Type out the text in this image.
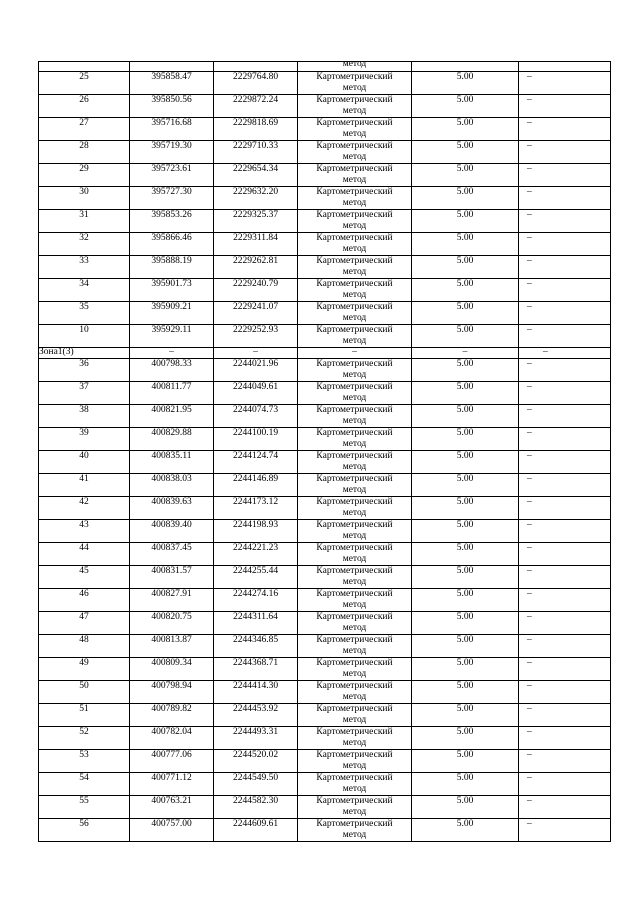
			метод		

25	395858.47	2229764.80	Картометрический
метод	5.00	–
26	395850.56	2229872.24	Картометрический
метод	5.00	–
27	395716.68	2229818.69	Картометрический
метод	5.00	–
28	395719.30	2229710.33	Картометрический
метод	5.00	–
29	395723.61	2229654.34	Картометрический
метод	5.00	–
30	395727.30	2229632.20	Картометрический
метод	5.00	–
31	395853.26	2229325.37	Картометрический
метод	5.00	–
32	395866.46	2229311.84	Картометрический
метод	5.00	–
33	395888.19	2229262.81	Картометрический
метод	5.00	–
34	395901.73	2229240.79	Картометрический
метод	5.00	–
35	395909.21	2229241.07	Картометрический
метод	5.00	–
10	395929.11	2229252.93	Картометрический
метод	5.00	–
Зона1(3)	–	–	–	–	–
36	400798.33	2244021.96	Картометрический
метод	5.00	–
37	400811.77	2244049.61	Картометрический
метод	5.00	–
38	400821.95	2244074.73	Картометрический
метод	5.00	–
39	400829.88	2244100.19	Картометрический
метод	5.00	–
40	400835.11	2244124.74	Картометрический
метод	5.00	–
41	400838.03	2244146.89	Картометрический
метод	5.00	–
42	400839.63	2244173.12	Картометрический
метод	5.00	–
43	400839.40	2244198.93	Картометрический
метод	5.00	–
44	400837.45	2244221.23	Картометрический
метод	5.00	–
45	400831.57	2244255.44	Картометрический
метод	5.00	–
46	400827.91	2244274.16	Картометрический
метод	5.00	–
47	400820.75	2244311.64	Картометрический
метод	5.00	–
48	400813.87	2244346.85	Картометрический
метод	5.00	–
49	400809.34	2244368.71	Картометрический
метод	5.00	–
50	400798.94	2244414.30	Картометрический
метод	5.00	–
51	400789.82	2244453.92	Картометрический
метод	5.00	–
52	400782.04	2244493.31	Картометрический
метод	5.00	–
53	400777.06	2244520.02	Картометрический
метод	5.00	–
54	400771.12	2244549.50	Картометрический
метод	5.00	–
55	400763.21	2244582.30	Картометрический
метод	5.00	–
56	400757.00	2244609.61	Картометрический
метод	5.00	–
